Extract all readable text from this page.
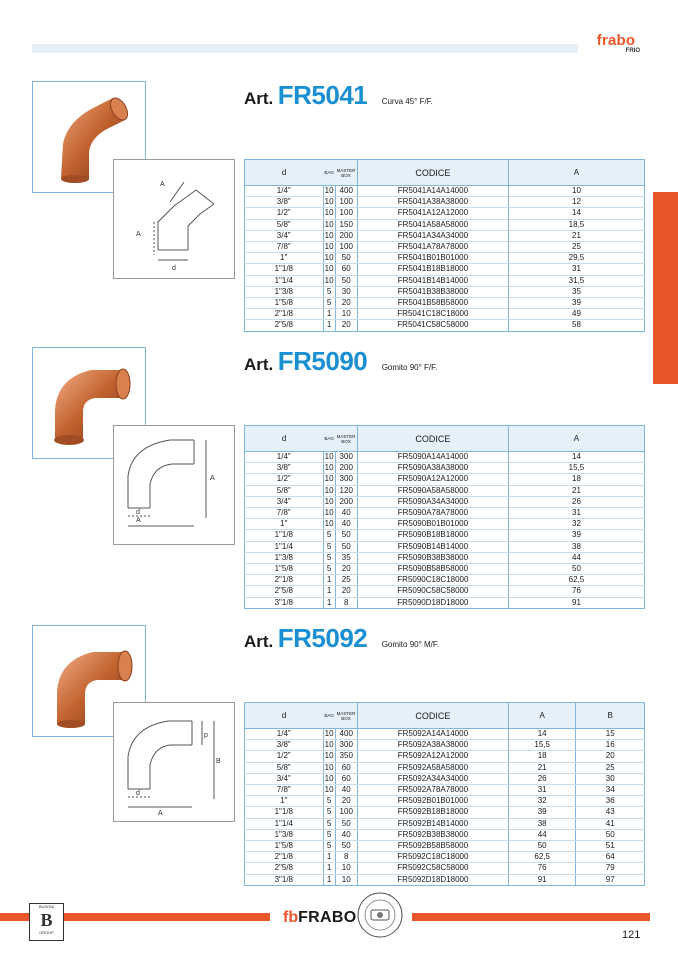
frabo
FRIO
A
A
d
Art. FR5041 Curva 45° F/F.
d	BAG	MASTER BOX	CODICE	A
1/4"	10	400	FR5041A14A14000	10
3/8"	10	100	FR5041A38A38000	12
1/2"	10	100	FR5041A12A12000	14
5/8"	10	150	FR5041A58A58000	18,5
3/4"	10	200	FR5041A34A34000	21
7/8"	10	100	FR5041A78A78000	25
1"	10	50	FR5041B01B01000	29,5
1"1/8	10	60	FR5041B18B18000	31
1"1/4	10	50	FR5041B14B14000	31,5
1"3/8	5	30	FR5041B38B38000	35
1"5/8	5	20	FR5041B58B58000	39
2"1/8	1	10	FR5041C18C18000	49
2"5/8	1	20	FR5041C58C58000	58
A
d
A
Art. FR5090 Gomito 90° F/F.
d	BAG	MASTER BOX	CODICE	A
1/4"	10	300	FR5090A14A14000	14
3/8"	10	200	FR5090A38A38000	15,5
1/2"	10	300	FR5090A12A12000	18
5/8"	10	120	FR5090A58A58000	21
3/4"	10	200	FR5090A34A34000	26
7/8"	10	40	FR5090A78A78000	31
1"	10	40	FR5090B01B01000	32
1"1/8	5	50	FR5090B18B18000	39
1"1/4	5	50	FR5090B14B14000	38
1"3/8	5	35	FR5090B38B38000	44
1"5/8	5	20	FR5090B58B58000	50
2"1/8	1	25	FR5090C18C18000	62,5
2"5/8	1	20	FR5090C58C58000	76
3"1/8	1	8	FR5090D18D18000	91
p
B
d
A
Art. FR5092 Gomito 90° M/F.
d	BAG	MASTER BOX	CODICE	A	B
1/4"	10	400	FR5092A14A14000	14	15
3/8"	10	300	FR5092A38A38000	15,5	16
1/2"	10	350	FR5092A12A12000	18	20
5/8"	10	60	FR5092A58A58000	21	25
3/4"	10	60	FR5092A34A34000	26	30
7/8"	10	40	FR5092A78A78000	31	34
1"	5	20	FR5092B01B01000	32	36
1"1/8	5	100	FR5092B18B18000	39	43
1"1/4	5	50	FR5092B14B14000	38	41
1"3/8	5	40	FR5092B38B38000	44	50
1"5/8	5	50	FR5092B58B58000	50	51
2"1/8	1	8	FR5092C18C18000	62,5	64
2"5/8	1	10	FR5092C58C58000	76	79
3"1/8	1	10	FR5092D18D18000	91	97
BUSONI
B
GROUP
fbFRABO
121
